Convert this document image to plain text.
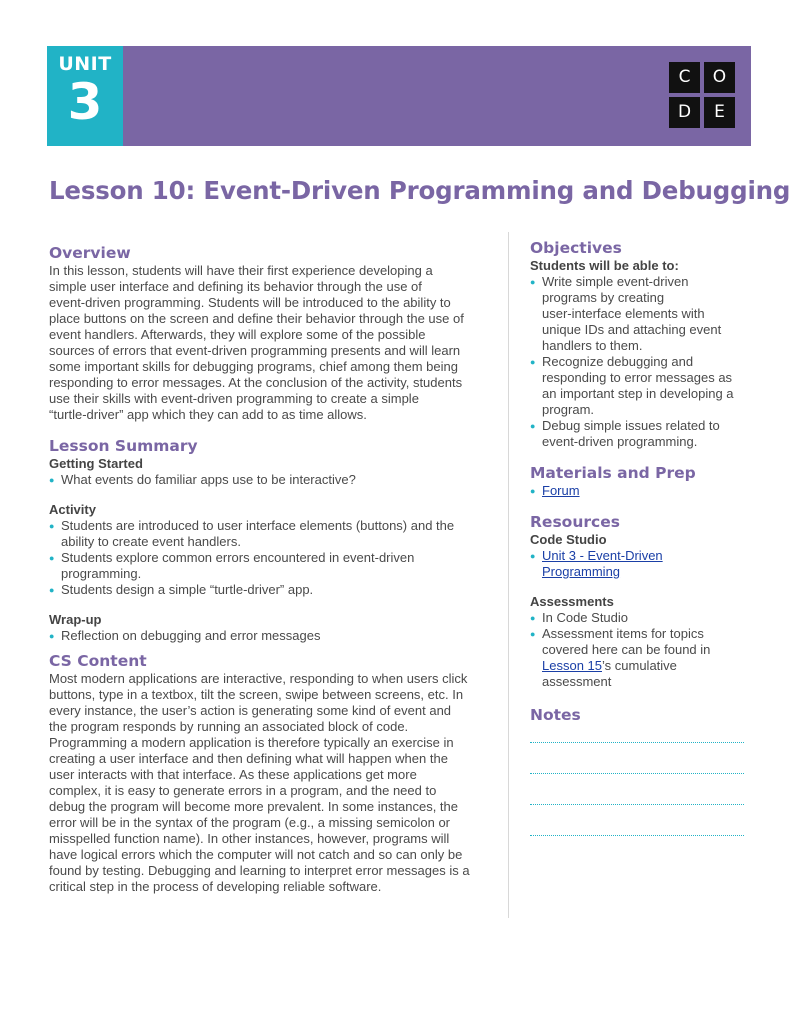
UNIT
3	C	O
D	E
Lesson 10: Event-Driven Programming and Debugging
Overview

In this lesson, students will have their first experience developing a
simple user interface and defining its behavior through the use of
event-driven programming. Students will be introduced to the ability to
place buttons on the screen and define their behavior through the use of
event handlers. Afterwards, they will explore some of the possible
sources of errors that event-driven programming presents and will learn
some important skills for debugging programs, chief among them being
responding to error messages. At the conclusion of the activity, students
use their skills with event-driven programming to create a simple
“turtle-driver” app which they can add to as time allows.

Lesson Summary
Getting Started
● What events do familiar apps use to be interactive?
Activity
● Students are introduced to user interface elements (buttons) and the
ability to create event handlers.
● Students explore common errors encountered in event-driven
programming.
● Students design a simple “turtle-driver” app.
Wrap-up
● Reflection on debugging and error messages
CS Content

Most modern applications are interactive, responding to when users click
buttons, type in a textbox, tilt the screen, swipe between screens, etc. In
every instance, the user’s action is generating some kind of event and
the program responds by running an associated block of code.
Programming a modern application is therefore typically an exercise in
creating a user interface and then defining what will happen when the
user interacts with that interface. As these applications get more
complex, it is easy to generate errors in a program, and the need to
debug the program will become more prevalent. In some instances, the
error will be in the syntax of the program (e.g., a missing semicolon or
misspelled function name). In other instances, however, programs will
have logical errors which the computer will not catch and so can only be
found by testing. Debugging and learning to interpret error messages is a
critical step in the process of developing reliable software.

Objectives
Students will be able to:
● Write simple event-driven
programs by creating
user-interface elements with
unique IDs and attaching event
handlers to them.
● Recognize debugging and
responding to error messages as
an important step in developing a
program.
● Debug simple issues related to
event-driven programming.
Materials and Prep
● Forum
Resources
Code Studio
● Unit 3 - Event-Driven
Programming
Assessments
● In Code Studio
● Assessment items for topics
covered here can be found in
Lesson 15’s cumulative
assessment
Notes
